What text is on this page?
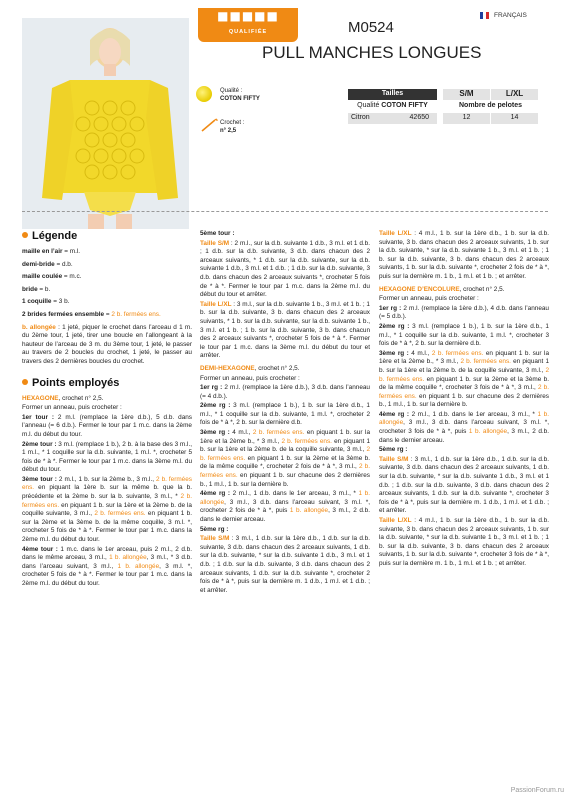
■■■■■
QUALIFIÉE
FRANÇAIS
M0524
PULL MANCHES LONGUES
Qualité :
COTON FIFTY
Crochet :
n° 2,5
Tailles		S/M	L/XL
Qualité COTON FIFTY		Nombre de pelotes	
Citron 42650		12	14
Légende

maille en l’air = m.l.

demi-bride = d.b.

maille coulée = m.c.

bride = b.

1 coquille = 3 b.

2 brides fermées ensemble = 2 b. fermées ens.

b. allongée : 1 jeté, piquer le crochet dans l’arceau d 1 m. du 2ème tour, 1 jeté, tirer une boucle en l’allongeant à la hauteur de l’arceau de 3 m. du 3ème tour, 1 jeté, le passer au travers de 2 boucles du crochet, 1 jeté, le passer au travers des 2 dernières boucles du crochet.

Points employés

HEXAGONE, crochet n° 2,5.

Former un anneau, puis crocheter :

1er tour : 2 m.l. (remplace la 1ère d.b.), 5 d.b. dans l’anneau (= 6 d.b.). Fermer le tour par 1 m.c. dans la 2ème m.l. du début du tour.

2ème tour : 3 m.l. (remplace 1 b.), 2 b. à la base des 3 m.l., 1 m.l., * 1 coquille sur la d.b. suivante, 1 m.l. *, crocheter 5 fois de * à *. Fermer le tour par 1 m.c. dans la 3ème m.l. du début du tour.

3ème tour : 2 m.l., 1 b. sur la 2ème b., 3 m.l., 2 b. fermées ens. en piquant la 1ère b. sur la même b. que la b. précédente et la 2ème b. sur la b. suivante, 3 m.l., * 2 b. fermées ens. en piquant 1 b. sur la 1ère et la 2ème b. de la coquille suivante, 3 m.l., 2 b. fermées ens. en piquant 1 b. sur la 2ème et la 3ème b. de la même coquille, 3 m.l. *, crocheter 5 fois de * à *. Fermer le tour par 1 m.c. dans la 2ème m.l. du début du tour.

4ème tour : 1 m.c. dans le 1er arceau, puis 2 m.l., 2 d.b. dans le même arceau, 3 m.l., 1 b. allongée, 3 m.l., * 3 d.b. dans l’arceau suivant, 3 m.l., 1 b. allongée, 3 m.l. *, crocheter 5 fois de * à *. Fermer le tour par 1 m.c. dans la 2ème m.l. du début du tour.

5ème tour :

Taille S/M : 2 m.l., sur la d.b. suivante 1 d.b., 3 m.l. et 1 d.b. ; 1 d.b. sur la d.b. suivante, 3 d.b. dans chacun des 2 arceaux suivants, * 1 d.b. sur la d.b. suivante, sur la d.b. suivante 1 d.b., 3 m.l. et 1 d.b. ; 1 d.b. sur la d.b. suivante, 3 d.b. dans chacun des 2 arceaux suivants *, crocheter 5 fois de * à *. Fermer le tour par 1 m.c. dans la 2ème m.l. du début du tour et arrêter.

Taille L/XL : 3 m.l., sur la d.b. suivante 1 b., 3 m.l. et 1 b. ; 1 b. sur la d.b. suivante, 3 b. dans chacun des 2 arceaux suivants, * 1 b. sur la d.b. suivante, sur la d.b. suivante 1 b., 3 m.l. et 1 b. ; 1 b. sur la d.b. suivante, 3 b. dans chacun des 2 arceaux suivants *, crocheter 5 fois de * à *. Fermer le tour par 1 m.c. dans la 3ème m.l. du début du tour et arrêter.

DEMI-HEXAGONE, crochet n° 2,5.

Former un anneau, puis crocheter :

1er rg : 2 m.l. (remplace la 1ère d.b.), 3 d.b. dans l’anneau (= 4 d.b.).

2ème rg : 3 m.l. (remplace 1 b.), 1 b. sur la 1ère d.b., 1 m.l., * 1 coquille sur la d.b. suivante, 1 m.l. *, crocheter 2 fois de * à *, 2 b. sur la dernière d.b.

3ème rg : 4 m.l., 2 b. fermées ens. en piquant 1 b. sur la 1ère et la 2ème b., * 3 m.l., 2 b. fermées ens. en piquant 1 b. sur la 1ère et la 2ème b. de la coquille suivante, 3 m.l., 2 b. fermées ens. en piquant 1 b. sur la 2ème et la 3ème b. de la même coquille *, crocheter 2 fois de * à *, 3 m.l., 2 b. fermées ens. en piquant 1 b. sur chacune des 2 dernières b., 1 m.l., 1 b. sur la dernière b.

4ème rg : 2 m.l., 1 d.b. dans le 1er arceau, 3 m.l., * 1 b. allongée, 3 m.l., 3 d.b. dans l’arceau suivant, 3 m.l. *, crocheter 2 fois de * à *, puis 1 b. allongée, 3 m.l., 2 d.b. dans le dernier arceau.

5ème rg :

Taille S/M : 3 m.l., 1 d.b. sur la 1ère d.b., 1 d.b. sur la d.b. suivante, 3 d.b. dans chacun des 2 arceaux suivants, 1 d.b. sur la d.b. suivante, * sur la d.b. suivante 1 d.b., 3 m.l. et 1 d.b. ; 1 d.b. sur la d.b. suivante, 3 d.b. dans chacun des 2 arceaux suivants, 1 d.b. sur la d.b. suivante *, crocheter 2 fois de * à *, puis sur la dernière m. 1 d.b., 1 m.l. et 1 d.b. ; et arrêter.

Taille L/XL : 4 m.l., 1 b. sur la 1ère d.b., 1 b. sur la d.b. suivante, 3 b. dans chacun des 2 arceaux suivants, 1 b. sur la d.b. suivante, * sur la d.b. suivante 1 b., 3 m.l. et 1 b. ; 1 b. sur la d.b. suivante, 3 b. dans chacun des 2 arceaux suivants, 1 b. sur la d.b. suivante *, crocheter 2 fois de * à *, puis sur la dernière m. 1 b., 1 m.l. et 1 b. ; et arrêter.

HEXAGONE D’ENCOLURE, crochet n° 2,5.

Former un anneau, puis crocheter :

1er rg : 2 m.l. (remplace la 1ère d.b.), 4 d.b. dans l’anneau (= 5 d.b.).

2ème rg : 3 m.l. (remplace 1 b.), 1 b. sur la 1ère d.b., 1 m.l., * 1 coquille sur la d.b. suivante, 1 m.l. *, crocheter 3 fois de * à *, 2 b. sur la dernière d.b.

3ème rg : 4 m.l., 2 b. fermées ens. en piquant 1 b. sur la 1ère et la 2ème b., * 3 m.l., 2 b. fermées ens. en piquant 1 b. sur la 1ère et la 2ème b. de la coquille suivante, 3 m.l., 2 b. fermées ens. en piquant 1 b. sur la 2ème et la 3ème b. de la même coquille *, crocheter 3 fois de * à *, 3 m.l., 2 b. fermées ens. en piquant 1 b. sur chacune des 2 dernières b., 1 m.l., 1 b. sur la dernière b.

4ème rg : 2 m.l., 1 d.b. dans le 1er arceau, 3 m.l., * 1 b. allongée, 3 m.l., 3 d.b. dans l’arceau suivant, 3 m.l. *, crocheter 3 fois de * à *, puis 1 b. allongée, 3 m.l., 2 d.b. dans le dernier arceau.

5ème rg :

Taille S/M : 3 m.l., 1 d.b. sur la 1ère d.b., 1 d.b. sur la d.b. suivante, 3 d.b. dans chacun des 2 arceaux suivants, 1 d.b. sur la d.b. suivante, * sur la d.b. suivante 1 d.b., 3 m.l. et 1 d.b. ; 1 d.b. sur la d.b. suivante, 3 d.b. dans chacun des 2 arceaux suivants, 1 d.b. sur la d.b. suivante *, crocheter 3 fois de * à *, puis sur la dernière m. 1 d.b., 1 m.l. et 1 d.b. ; et arrêter.

Taille L/XL : 4 m.l., 1 b. sur la 1ère d.b., 1 b. sur la d.b. suivante, 3 b. dans chacun des 2 arceaux suivants, 1 b. sur la d.b. suivante, * sur la d.b. suivante 1 b., 3 m.l. et 1 b. ; 1 b. sur la d.b. suivante, 3 b. dans chacun des 2 arceaux suivants, 1 b. sur la d.b. suivante *, crocheter 3 fois de * à *, puis sur la dernière m. 1 b., 1 m.l. et 1 b. ; et arrêter.

PassionForum.ru
